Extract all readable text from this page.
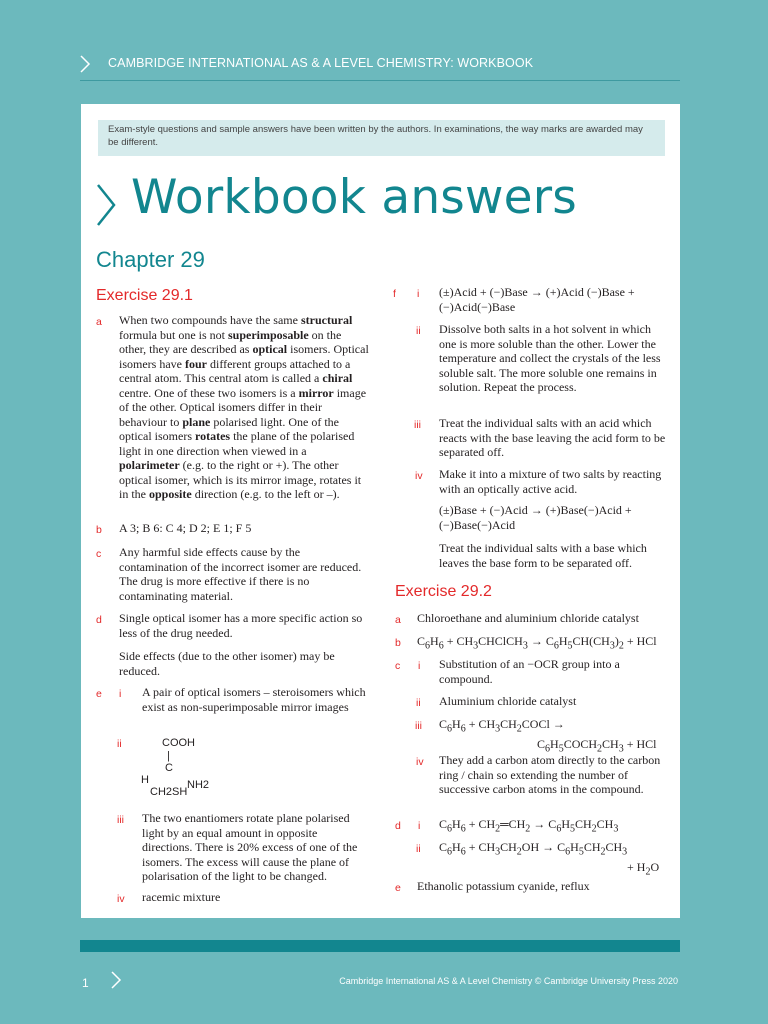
CAMBRIDGE INTERNATIONAL AS & A LEVEL CHEMISTRY: WORKBOOK
Exam-style questions and sample answers have been written by the authors. In examinations, the way marks are awarded may be different.
Workbook answers
Chapter 29
Exercise 29.1
a When two compounds have the same structural formula but one is not superimposable on the other, they are described as optical isomers. Optical isomers have four different groups attached to a central atom. This central atom is called a chiral centre. One of these two isomers is a mirror image of the other. Optical isomers differ in their behaviour to plane polarised light. One of the optical isomers rotates the plane of the polarised light in one direction when viewed in a polarimeter (e.g. to the right or +). The other optical isomer, which is its mirror image, rotates it in the opposite direction (e.g. to the left or –).

b A 3; B 6: C 4; D 2; E 1; F 5
c Any harmful side effects cause by the contamination of the incorrect isomer are reduced. The drug is more effective if there is no contaminating material.
d Single optical isomer has a more specific action so less of the drug needed.
Side effects (due to the other isomer) may be reduced.
e i A pair of optical isomers – steroisomers which exist as non-superimposable mirror images
ii	COOH
|
C
H	NH2
CH2SH
iii The two enantiomers rotate plane polarised light by an equal amount in opposite directions. There is 20% excess of one of the isomers. The excess will cause the plane of polarisation of the light to be changed.
iv racemic mixture
f i (±)Acid + (−)Base → (+)Acid (−)Base + (−)Acid(−)Base
ii Dissolve both salts in a hot solvent in which one is more soluble than the other. Lower the temperature and collect the crystals of the less soluble salt. The more soluble one remains in solution. Repeat the process.
iii Treat the individual salts with an acid which reacts with the base leaving the acid form to be separated off.
iv Make it into a mixture of two salts by reacting with an optically active acid.
(±)Base + (−)Acid → (+)Base(−)Acid + (−)Base(−)Acid
Treat the individual salts with a base which leaves the base form to be separated off.
Exercise 29.2
a Chloroethane and aluminium chloride catalyst
b $C_6H_6$ + $CH_3CHClCH_3 \to C_6H_5CH(CH_3)_2$ + HCl
c i Substitution of an −OCR group into a compound.
ii Aluminium chloride catalyst
iii $C_6H_6$ + $CH_3CH_2COCl$ →
$C_6H_5COCH_2CH_3$ + HCl
iv They add a carbon atom directly to the carbon ring / chain so extending the number of successive carbon atoms in the compound.
d i $C_6H_6$ + $CH_2═CH_2 \to C_6H_5CH_2CH_3$
ii $C_6H_6 + CH_3CH_2OH \to C_6H_5CH_2CH_3$
+ $H_2O$
e Ethanolic potassium cyanide, reflux
1	Cambridge International AS & A Level Chemistry © Cambridge University Press 2020
